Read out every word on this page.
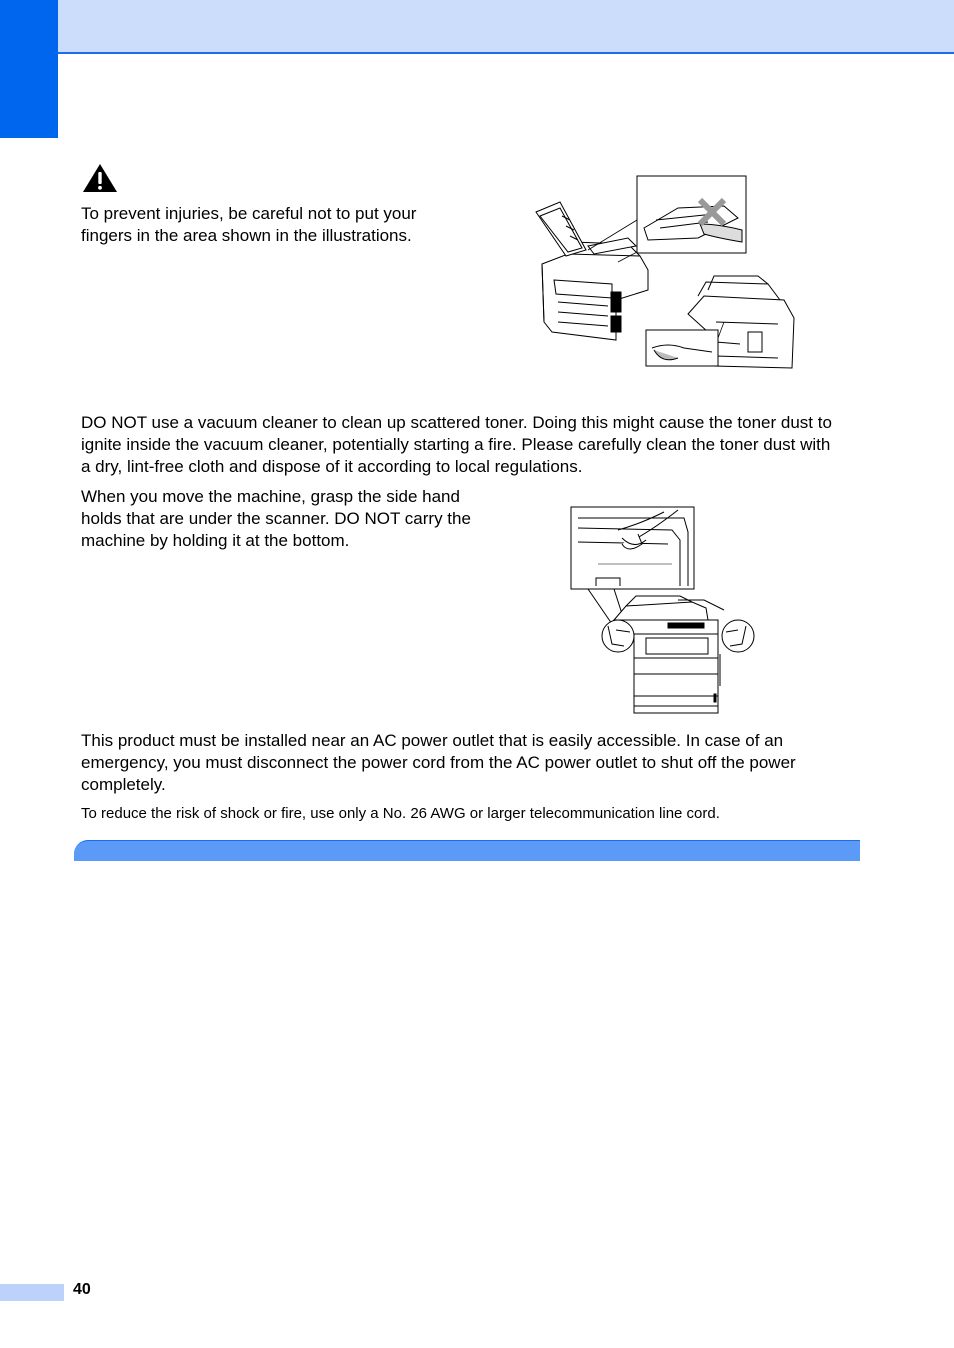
To prevent injuries, be careful not to put your fingers in the area shown in the illustrations.

DO NOT use a vacuum cleaner to clean up scattered toner. Doing this might cause the toner dust to ignite inside the vacuum cleaner, potentially starting a fire. Please carefully clean the toner dust with a dry, lint-free cloth and dispose of it according to local regulations.

When you move the machine, grasp the side hand holds that are under the scanner. DO NOT carry the machine by holding it at the bottom.

This product must be installed near an AC power outlet that is easily accessible. In case of an emergency, you must disconnect the power cord from the AC power outlet to shut off the power completely.

To reduce the risk of shock or fire, use only a No. 26 AWG or larger telecommunication line cord.

40
